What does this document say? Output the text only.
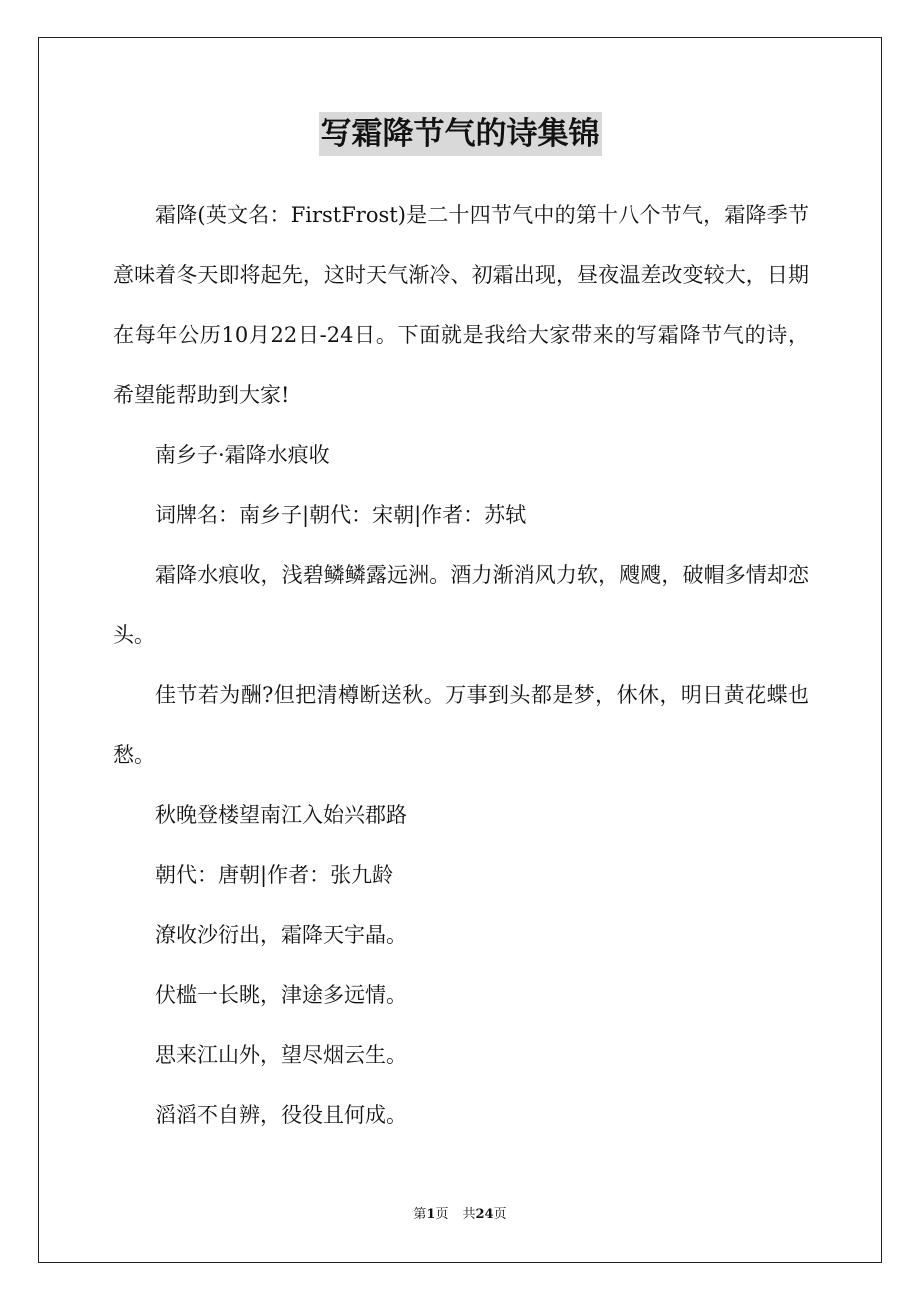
写霜降节气的诗集锦

霜降(英文名：FirstFrost)是二十四节气中的第十八个节气，霜降季节意味着冬天即将起先，这时天气渐冷、初霜出现，昼夜温差改变较大，日期在每年公历10月22日-24日。下面就是我给大家带来的写霜降节气的诗，希望能帮助到大家!

南乡子·霜降水痕收

词牌名：南乡子|朝代：宋朝|作者：苏轼

霜降水痕收，浅碧鳞鳞露远洲。酒力渐消风力软，飕飕，破帽多情却恋头。

佳节若为酬?但把清樽断送秋。万事到头都是梦，休休，明日黄花蝶也愁。

秋晚登楼望南江入始兴郡路

朝代：唐朝|作者：张九龄

潦收沙衍出，霜降天宇晶。

伏槛一长眺，津途多远情。

思来江山外，望尽烟云生。

滔滔不自辨，役役且何成。

第1页 共24页
